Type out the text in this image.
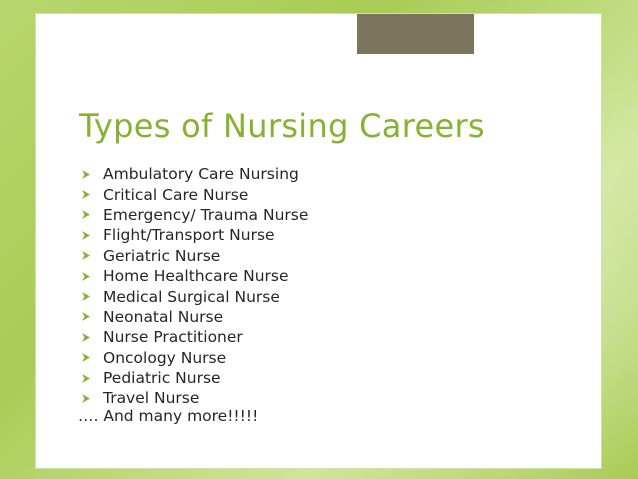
Types of Nursing Careers
Ambulatory Care Nursing
Critical Care Nurse
Emergency/ Trauma Nurse
Flight/Transport Nurse
Geriatric Nurse
Home Healthcare Nurse
Medical Surgical Nurse
Neonatal Nurse
Nurse Practitioner
Oncology Nurse
Pediatric Nurse
Travel Nurse
…. And many more!!!!!
